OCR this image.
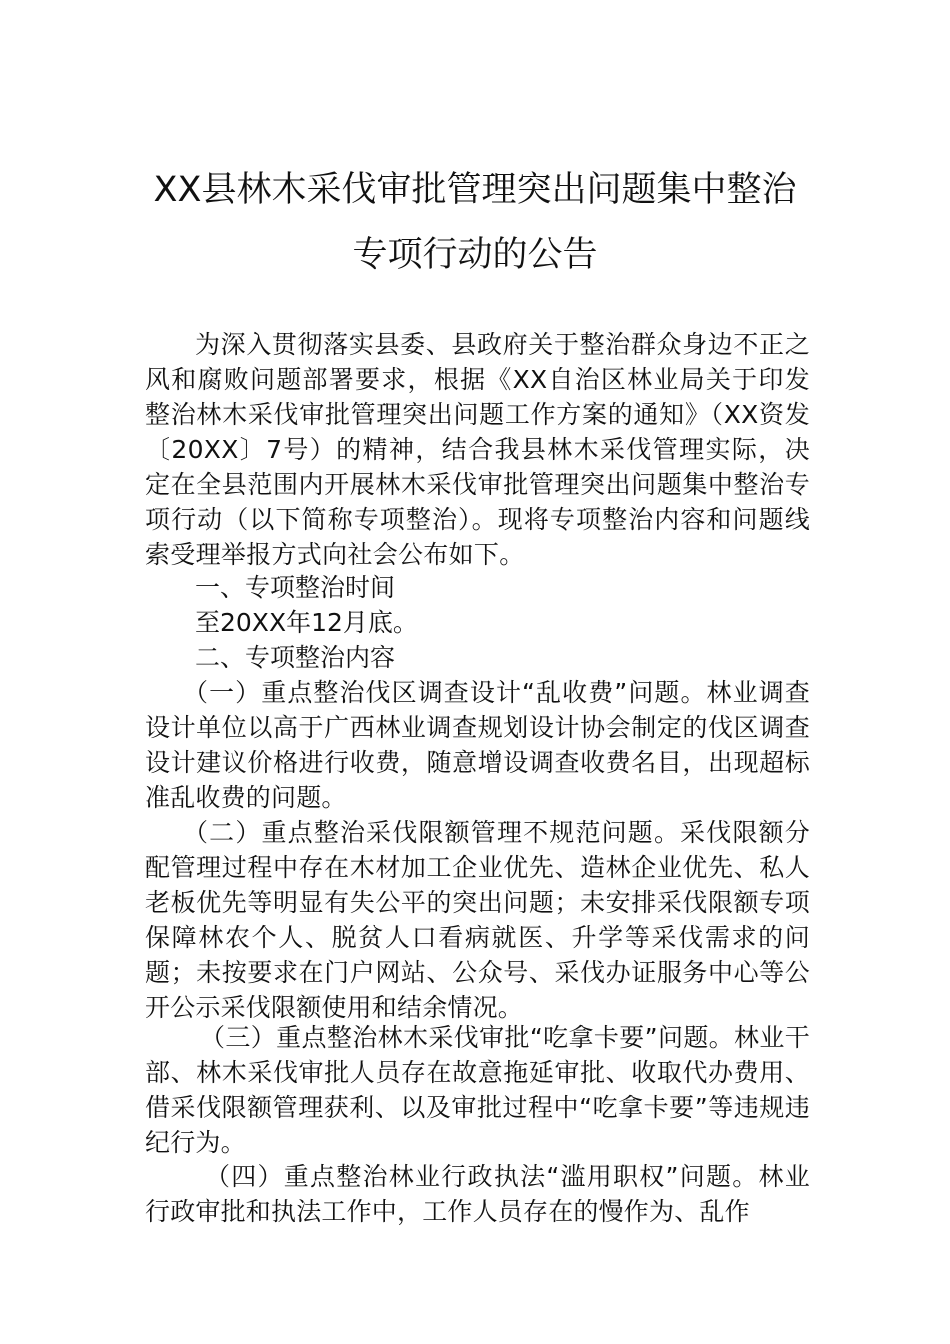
XX县林木采伐审批管理突出问题集中整治
专项行动的公告
为深入贯彻落实县委、县政府关于整治群众身边不正之风和腐败问题部署要求，根据《XX自治区林业局关于印发整治林木采伐审批管理突出问题工作方案的通知》（XX资发〔20XX〕7号）的精神，结合我县林木采伐管理实际，决定在全县范围内开展林木采伐审批管理突出问题集中整治专项行动（以下简称专项整治）。现将专项整治内容和问题线索受理举报方式向社会公布如下。
一、专项整治时间
至20XX年12月底。
二、专项整治内容
（一）重点整治伐区调查设计“乱收费”问题。林业调查设计单位以高于广西林业调查规划设计协会制定的伐区调查设计建议价格进行收费，随意增设调查收费名目，出现超标准乱收费的问题。
（二）重点整治采伐限额管理不规范问题。采伐限额分配管理过程中存在木材加工企业优先、造林企业优先、私人老板优先等明显有失公平的突出问题；未安排采伐限额专项保障林农个人、脱贫人口看病就医、升学等采伐需求的问题；未按要求在门户网站、公众号、采伐办证服务中心等公开公示采伐限额使用和结余情况。
（三）重点整治林木采伐审批“吃拿卡要”问题。林业干部、林木采伐审批人员存在故意拖延审批、收取代办费用、借采伐限额管理获利、以及审批过程中“吃拿卡要”等违规违纪行为。
（四）重点整治林业行政执法“滥用职权”问题。林业行政审批和执法工作中，工作人员存在的慢作为、乱作
